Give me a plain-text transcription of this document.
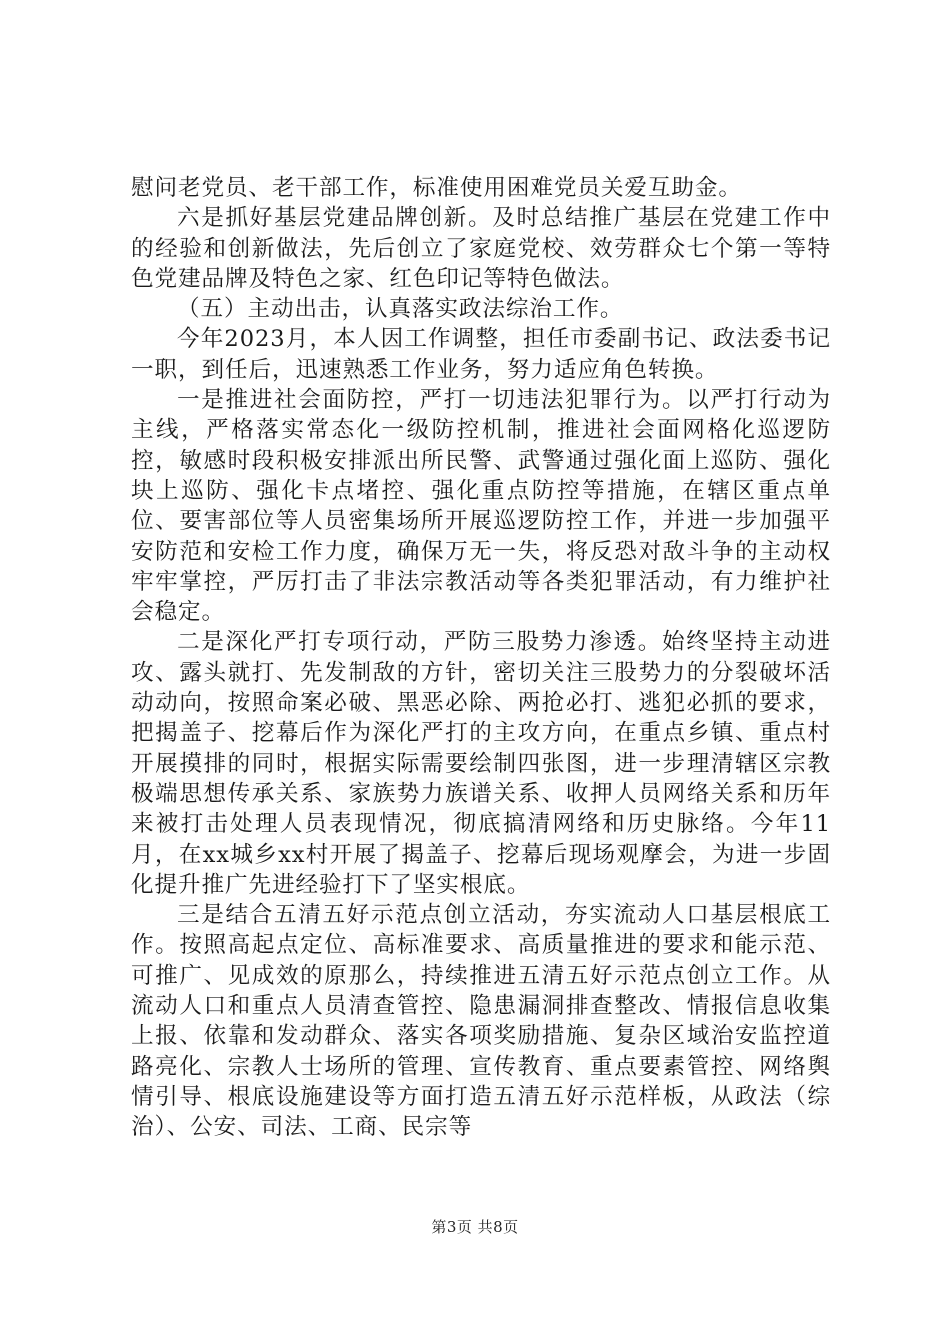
慰问老党员、老干部工作，标准使用困难党员关爱互助金。

六是抓好基层党建品牌创新。及时总结推广基层在党建工作中的经验和创新做法，先后创立了家庭党校、效劳群众七个第一等特色党建品牌及特色之家、红色印记等特色做法。

（五）主动出击，认真落实政法综治工作。

今年2023月，本人因工作调整，担任市委副书记、政法委书记一职，到任后，迅速熟悉工作业务，努力适应角色转换。

一是推进社会面防控，严打一切违法犯罪行为。以严打行动为主线，严格落实常态化一级防控机制，推进社会面网格化巡逻防控，敏感时段积极安排派出所民警、武警通过强化面上巡防、强化块上巡防、强化卡点堵控、强化重点防控等措施，在辖区重点单位、要害部位等人员密集场所开展巡逻防控工作，并进一步加强平安防范和安检工作力度，确保万无一失，将反恐对敌斗争的主动权牢牢掌控，严厉打击了非法宗教活动等各类犯罪活动，有力维护社会稳定。

二是深化严打专项行动，严防三股势力渗透。始终坚持主动进攻、露头就打、先发制敌的方针，密切关注三股势力的分裂破坏活动动向，按照命案必破、黑恶必除、两抢必打、逃犯必抓的要求，把揭盖子、挖幕后作为深化严打的主攻方向，在重点乡镇、重点村开展摸排的同时，根据实际需要绘制四张图，进一步理清辖区宗教极端思想传承关系、家族势力族谱关系、收押人员网络关系和历年来被打击处理人员表现情况，彻底搞清网络和历史脉络。今年11月，在xx城乡xx村开展了揭盖子、挖幕后现场观摩会，为进一步固化提升推广先进经验打下了坚实根底。

三是结合五清五好示范点创立活动，夯实流动人口基层根底工作。按照高起点定位、高标准要求、高质量推进的要求和能示范、可推广、见成效的原那么，持续推进五清五好示范点创立工作。从流动人口和重点人员清查管控、隐患漏洞排查整改、情报信息收集上报、依靠和发动群众、落实各项奖励措施、复杂区域治安监控道路亮化、宗教人士场所的管理、宣传教育、重点要素管控、网络舆情引导、根底设施建设等方面打造五清五好示范样板，从政法（综治）、公安、司法、工商、民宗等

第3页 共8页
